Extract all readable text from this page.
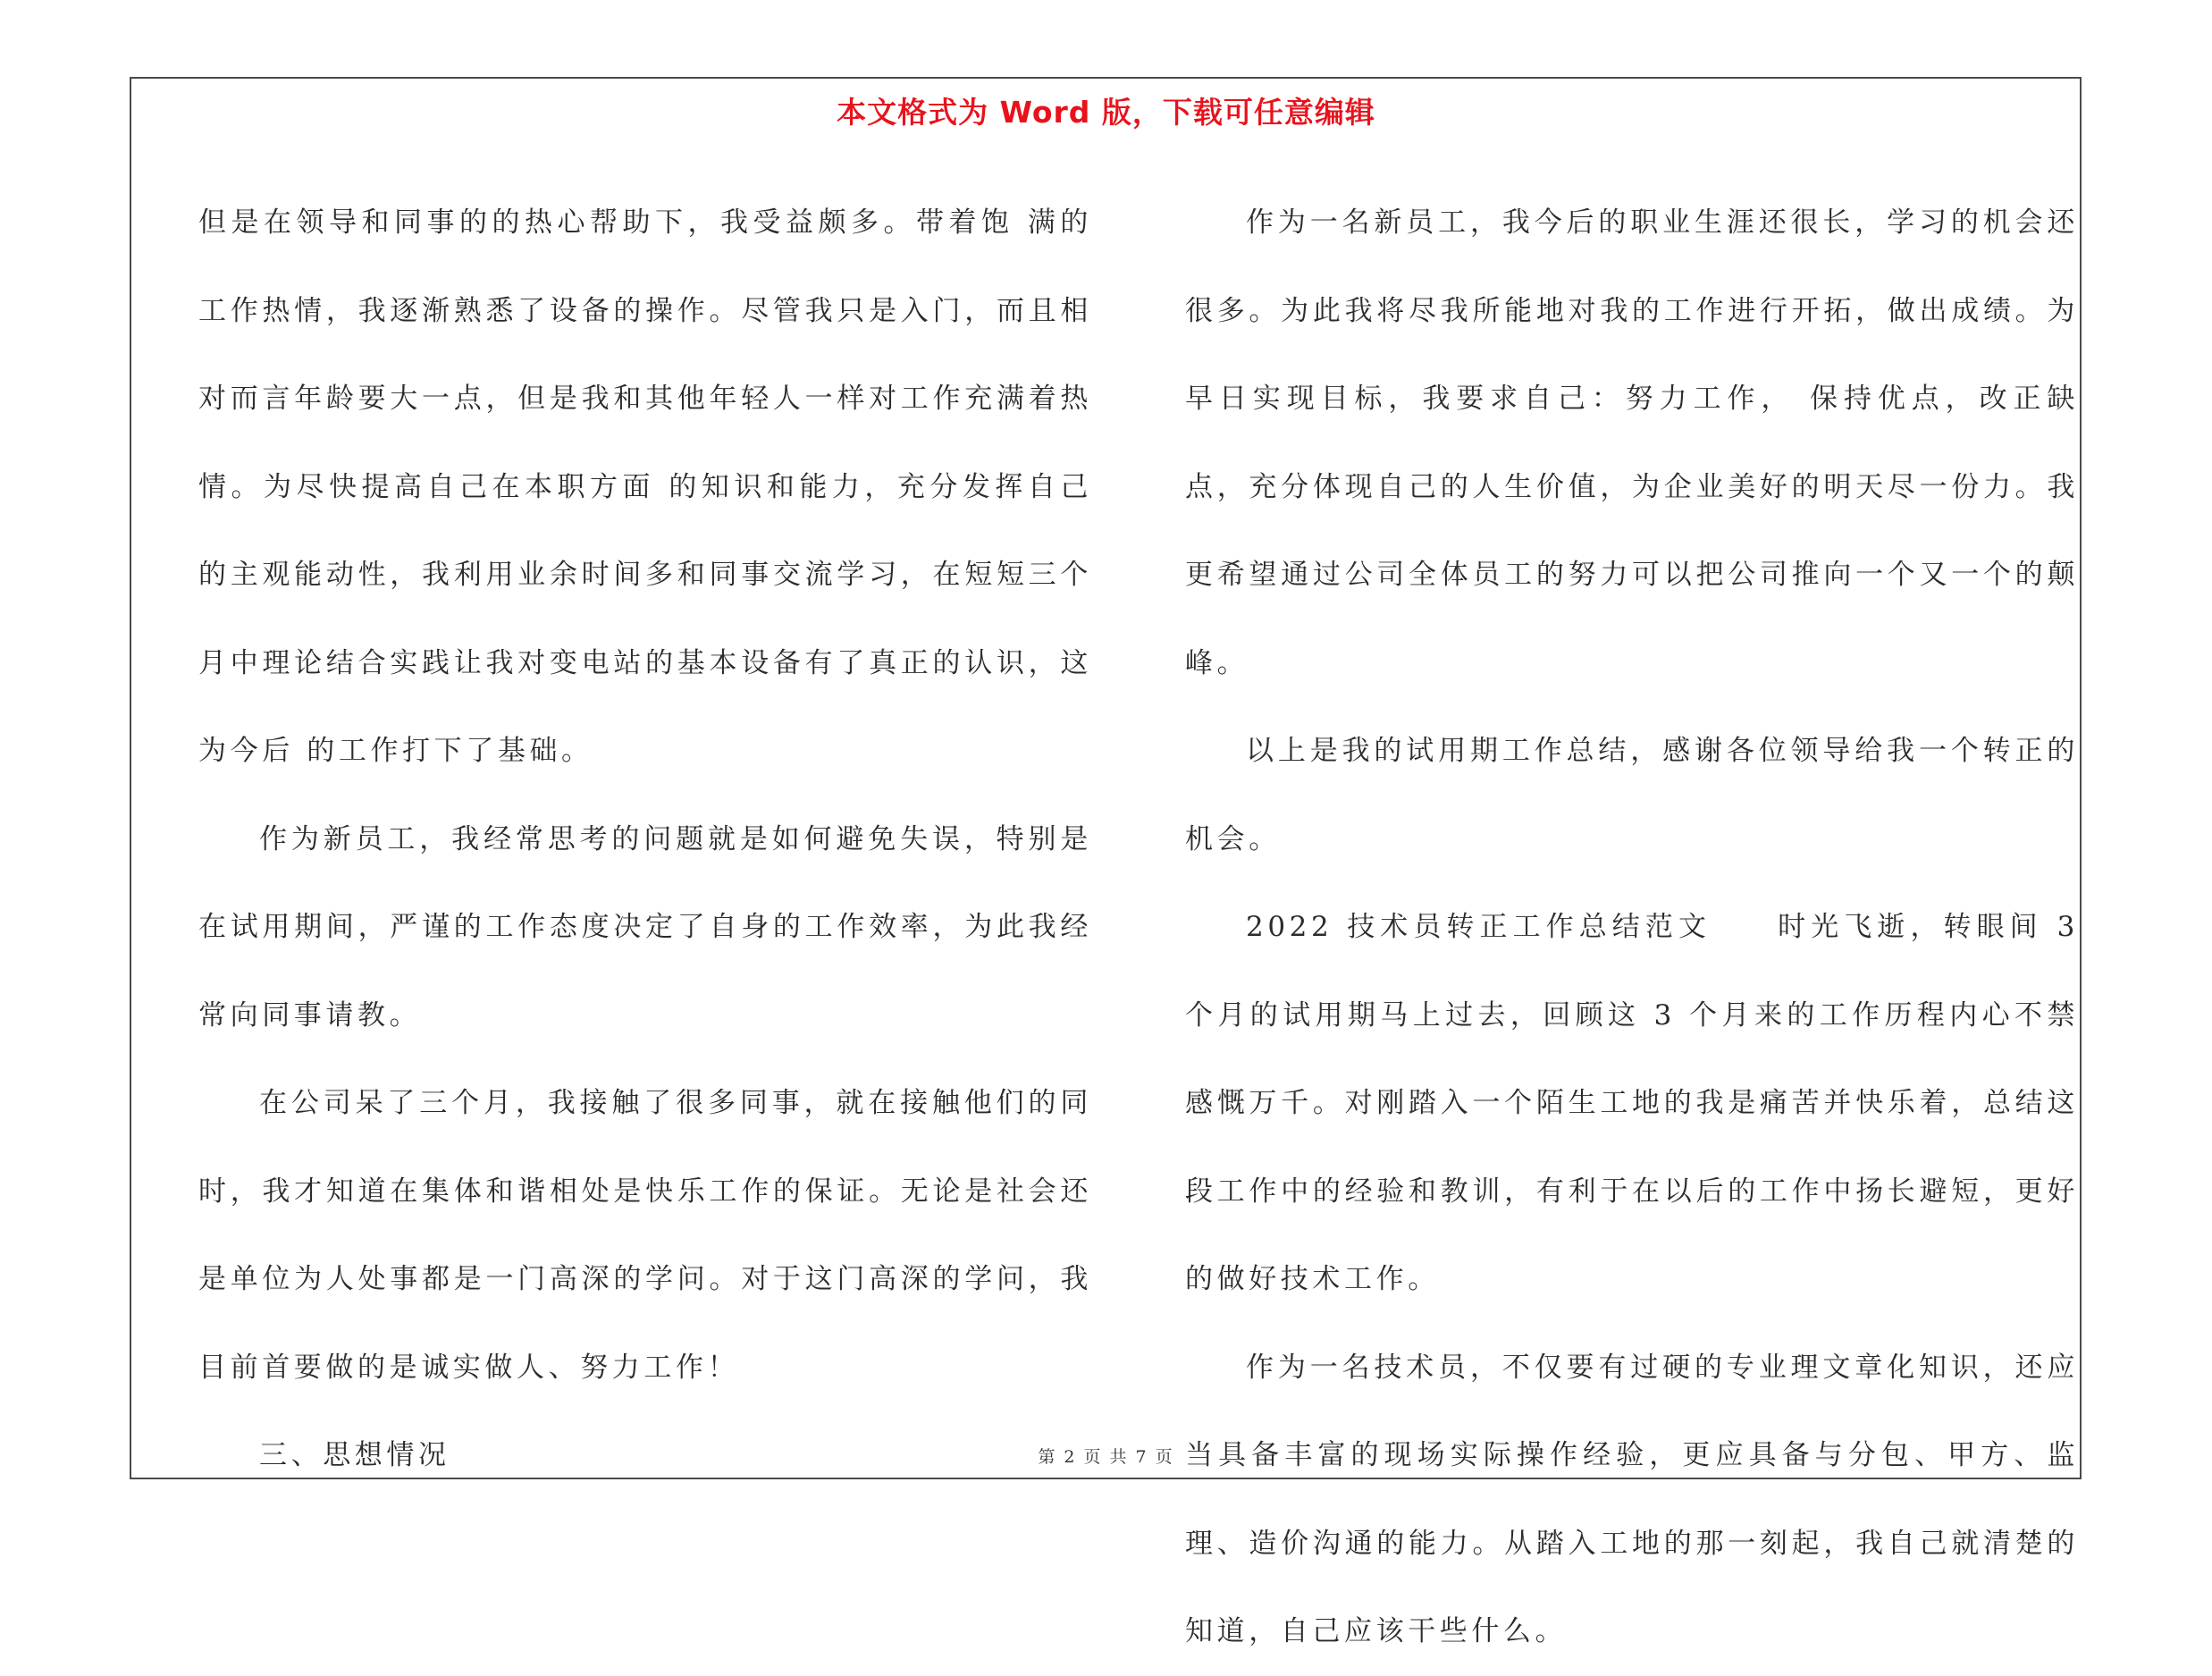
本文格式为 Word 版，下载可任意编辑

但是在领导和同事的的热心帮助下，我受益颇多。带着饱 满的工作热情，我逐渐熟悉了设备的操作。尽管我只是入门，而且相对而言年龄要大一点，但是我和其他年轻人一样对工作充满着热情。为尽快提高自己在本职方面 的知识和能力，充分发挥自己的主观能动性，我利用业余时间多和同事交流学习，在短短三个月中理论结合实践让我对变电站的基本设备有了真正的认识，这为今后 的工作打下了基础。

作为新员工，我经常思考的问题就是如何避免失误，特别是在试用期间，严谨的工作态度决定了自身的工作效率，为此我经常向同事请教。

在公司呆了三个月，我接触了很多同事，就在接触他们的同时，我才知道在集体和谐相处是快乐工作的保证。无论是社会还是单位为人处事都是一门高深的学问。对于这门高深的学问，我目前首要做的是诚实做人、努力工作！

三、思想情况

作为一名新员工，我今后的职业生涯还很长，学习的机会还很多。为此我将尽我所能地对我的工作进行开拓，做出成绩。为早日实现目标，我要求自己：努力工作， 保持优点，改正缺点，充分体现自己的人生价值，为企业美好的明天尽一份力。我更希望通过公司全体员工的努力可以把公司推向一个又一个的颠峰。

以上是我的试用期工作总结，感谢各位领导给我一个转正的机会。

2022 技术员转正工作总结范文　　时光飞逝，转眼间 3 个月的试用期马上过去，回顾这 3 个月来的工作历程内心不禁感慨万千。对刚踏入一个陌生工地的我是痛苦并快乐着，总结这段工作中的经验和教训，有利于在以后的工作中扬长避短，更好的做好技术工作。

作为一名技术员，不仅要有过硬的专业理文章化知识，还应当具备丰富的现场实际操作经验，更应具备与分包、甲方、监理、造价沟通的能力。从踏入工地的那一刻起，我自己就清楚的知道，自己应该干些什么。

第 2 页 共 7 页
